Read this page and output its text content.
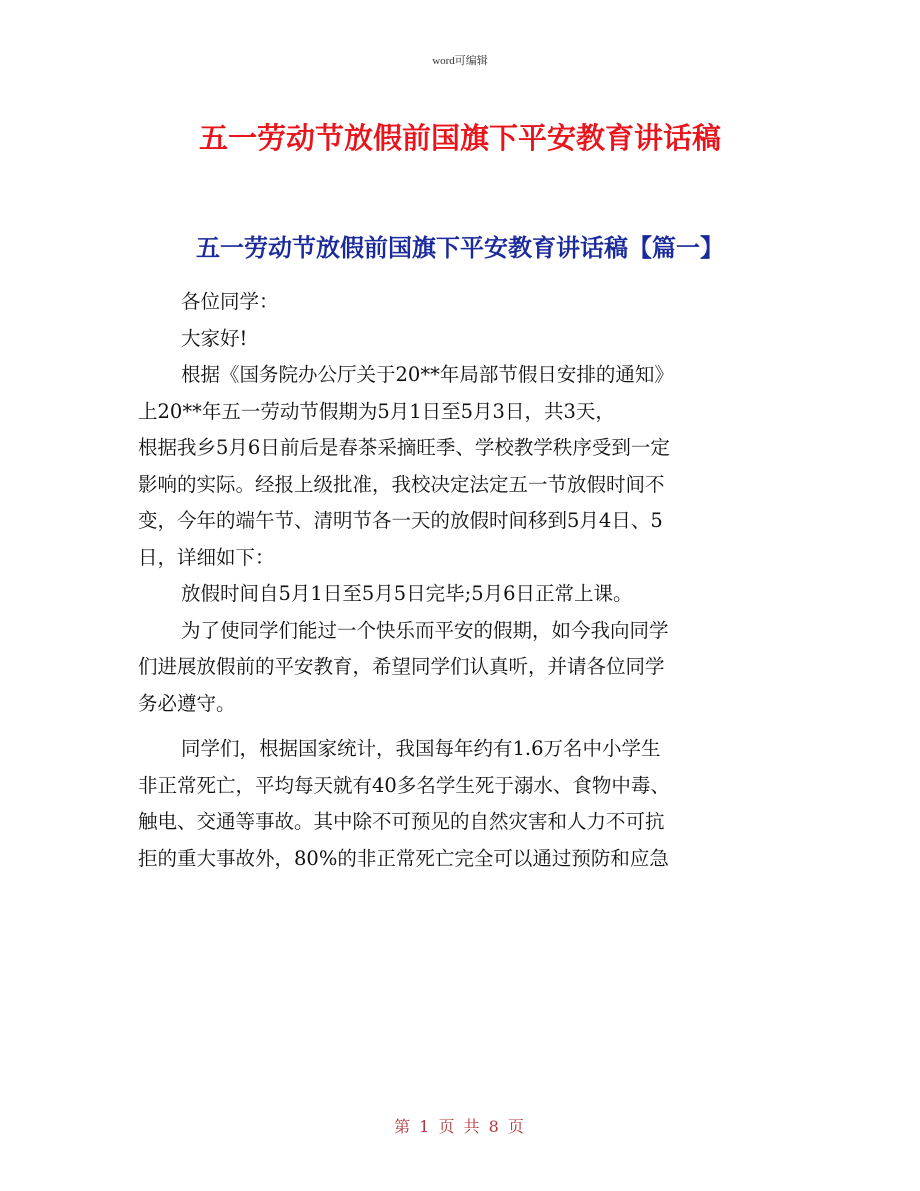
word可编辑
五一劳动节放假前国旗下平安教育讲话稿
五一劳动节放假前国旗下平安教育讲话稿【篇一】

各位同学：

大家好!

根据《国务院办公厅关于20**年局部节假日安排的通知》

上20**年五一劳动节假期为5月1日至5月3日，共3天，

根据我乡5月6日前后是春茶采摘旺季、学校教学秩序受到一定

影响的实际。经报上级批准，我校决定法定五一节放假时间不

变，今年的端午节、清明节各一天的放假时间移到5月4日、5

日，详细如下：

放假时间自5月1日至5月5日完毕;5月6日正常上课。

为了使同学们能过一个快乐而平安的假期，如今我向同学

们进展放假前的平安教育，希望同学们认真听，并请各位同学

务必遵守。

同学们，根据国家统计，我国每年约有1.6万名中小学生

非正常死亡，平均每天就有40多名学生死于溺水、食物中毒、

触电、交通等事故。其中除不可预见的自然灾害和人力不可抗

拒的重大事故外，80%的非正常死亡完全可以通过预防和应急

第 1 页 共 8 页
